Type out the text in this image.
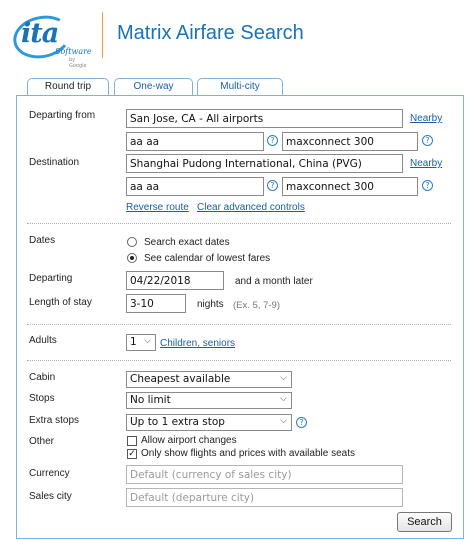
ita
Software
by Google
Matrix Airfare Search
Round trip	One-way	Multi-city
Departing from	San Jose, CA - All airports	Nearby
aa aa	?	maxconnect 300	?
Destination	Shanghai Pudong International, China (PVG)	Nearby
aa aa	?	maxconnect 300	?
Reverse route Clear advanced controls
Dates	Search exact dates
See calendar of lowest fares
Departing	04/22/2018	and a month later
Length of stay	3-10	nights (Ex. 5, 7-9)
Adults	1 ⌵ Children, seniors
Cabin	Cheapest available	⌵
Stops	No limit	⌵
Extra stops	Up to 1 extra stop	⌵	?
Other	Allow airport changes
✓ Only show flights and prices with available seats
Currency	Default (currency of sales city)
Sales city	Default (departure city)
Search
